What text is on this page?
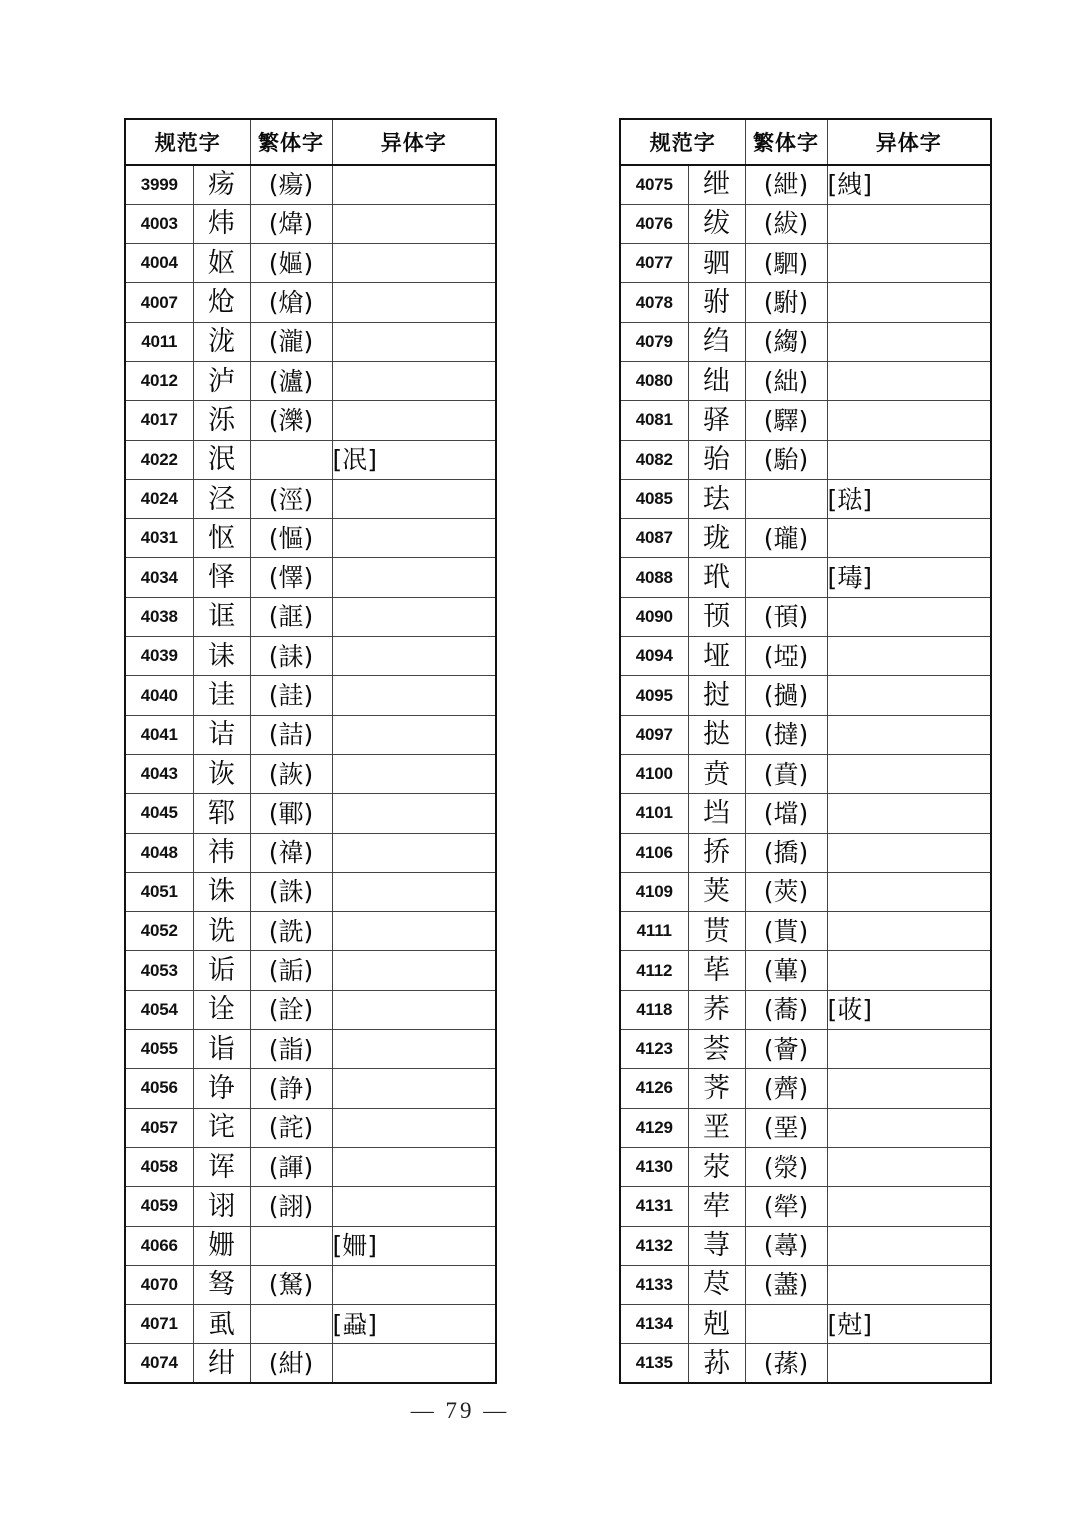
规范字		繁体字	异体字
3999	疡	(瘍)	
4003	炜	(煒)	
4004	妪	(嫗)	
4007	炝	(熗)	
4011	泷	(瀧)	
4012	泸	(瀘)	
4017	泺	(濼)	
4022	泯		[冺]
4024	泾	(涇)	
4031	怄	(慪)	
4034	怿	(懌)	
4038	诓	(誆)	
4039	诔	(誄)	
4040	诖	(詿)	
4041	诘	(詰)	
4043	诙	(詼)	
4045	郓	(鄆)	
4048	祎	(禕)	
4051	诛	(誅)	
4052	诜	(詵)	
4053	诟	(詬)	
4054	诠	(詮)	
4055	诣	(詣)	
4056	诤	(諍)	
4057	诧	(詫)	
4058	诨	(諢)	
4059	诩	(詡)	
4066	姗		[姍]
4070	驽	(駑)	
4071	虱		[蝨]
4074	绀	(紺)	
规范字		繁体字	异体字
4075	绁	(紲)	[絏]
4076	绂	(紱)	
4077	驷	(駟)	
4078	驸	(駙)	
4079	绉	(縐)	
4080	绌	(絀)	
4081	驿	(驛)	
4082	骀	(駘)	
4085	珐		[琺]
4087	珑	(瓏)	
4088	玳		[瑇]
4090	顸	(頇)	
4094	垭	(埡)	
4095	挝	(撾)	
4097	挞	(撻)	
4100	贲	(賁)	
4101	垱	(壋)	
4106	挢	(撟)	
4109	荚	(莢)	
4111	贳	(貰)	
4112	荜	(蓽)	
4118	荞	(蕎)	[荍]
4123	荟	(薈)	
4126	荠	(薺)	
4129	垩	(堊)	
4130	荥	(滎)	
4131	荦	(犖)	
4132	荨	(蕁)	
4133	荩	(藎)	
4134	剋		[尅]
4135	荪	(蓀)	
— 79 —
